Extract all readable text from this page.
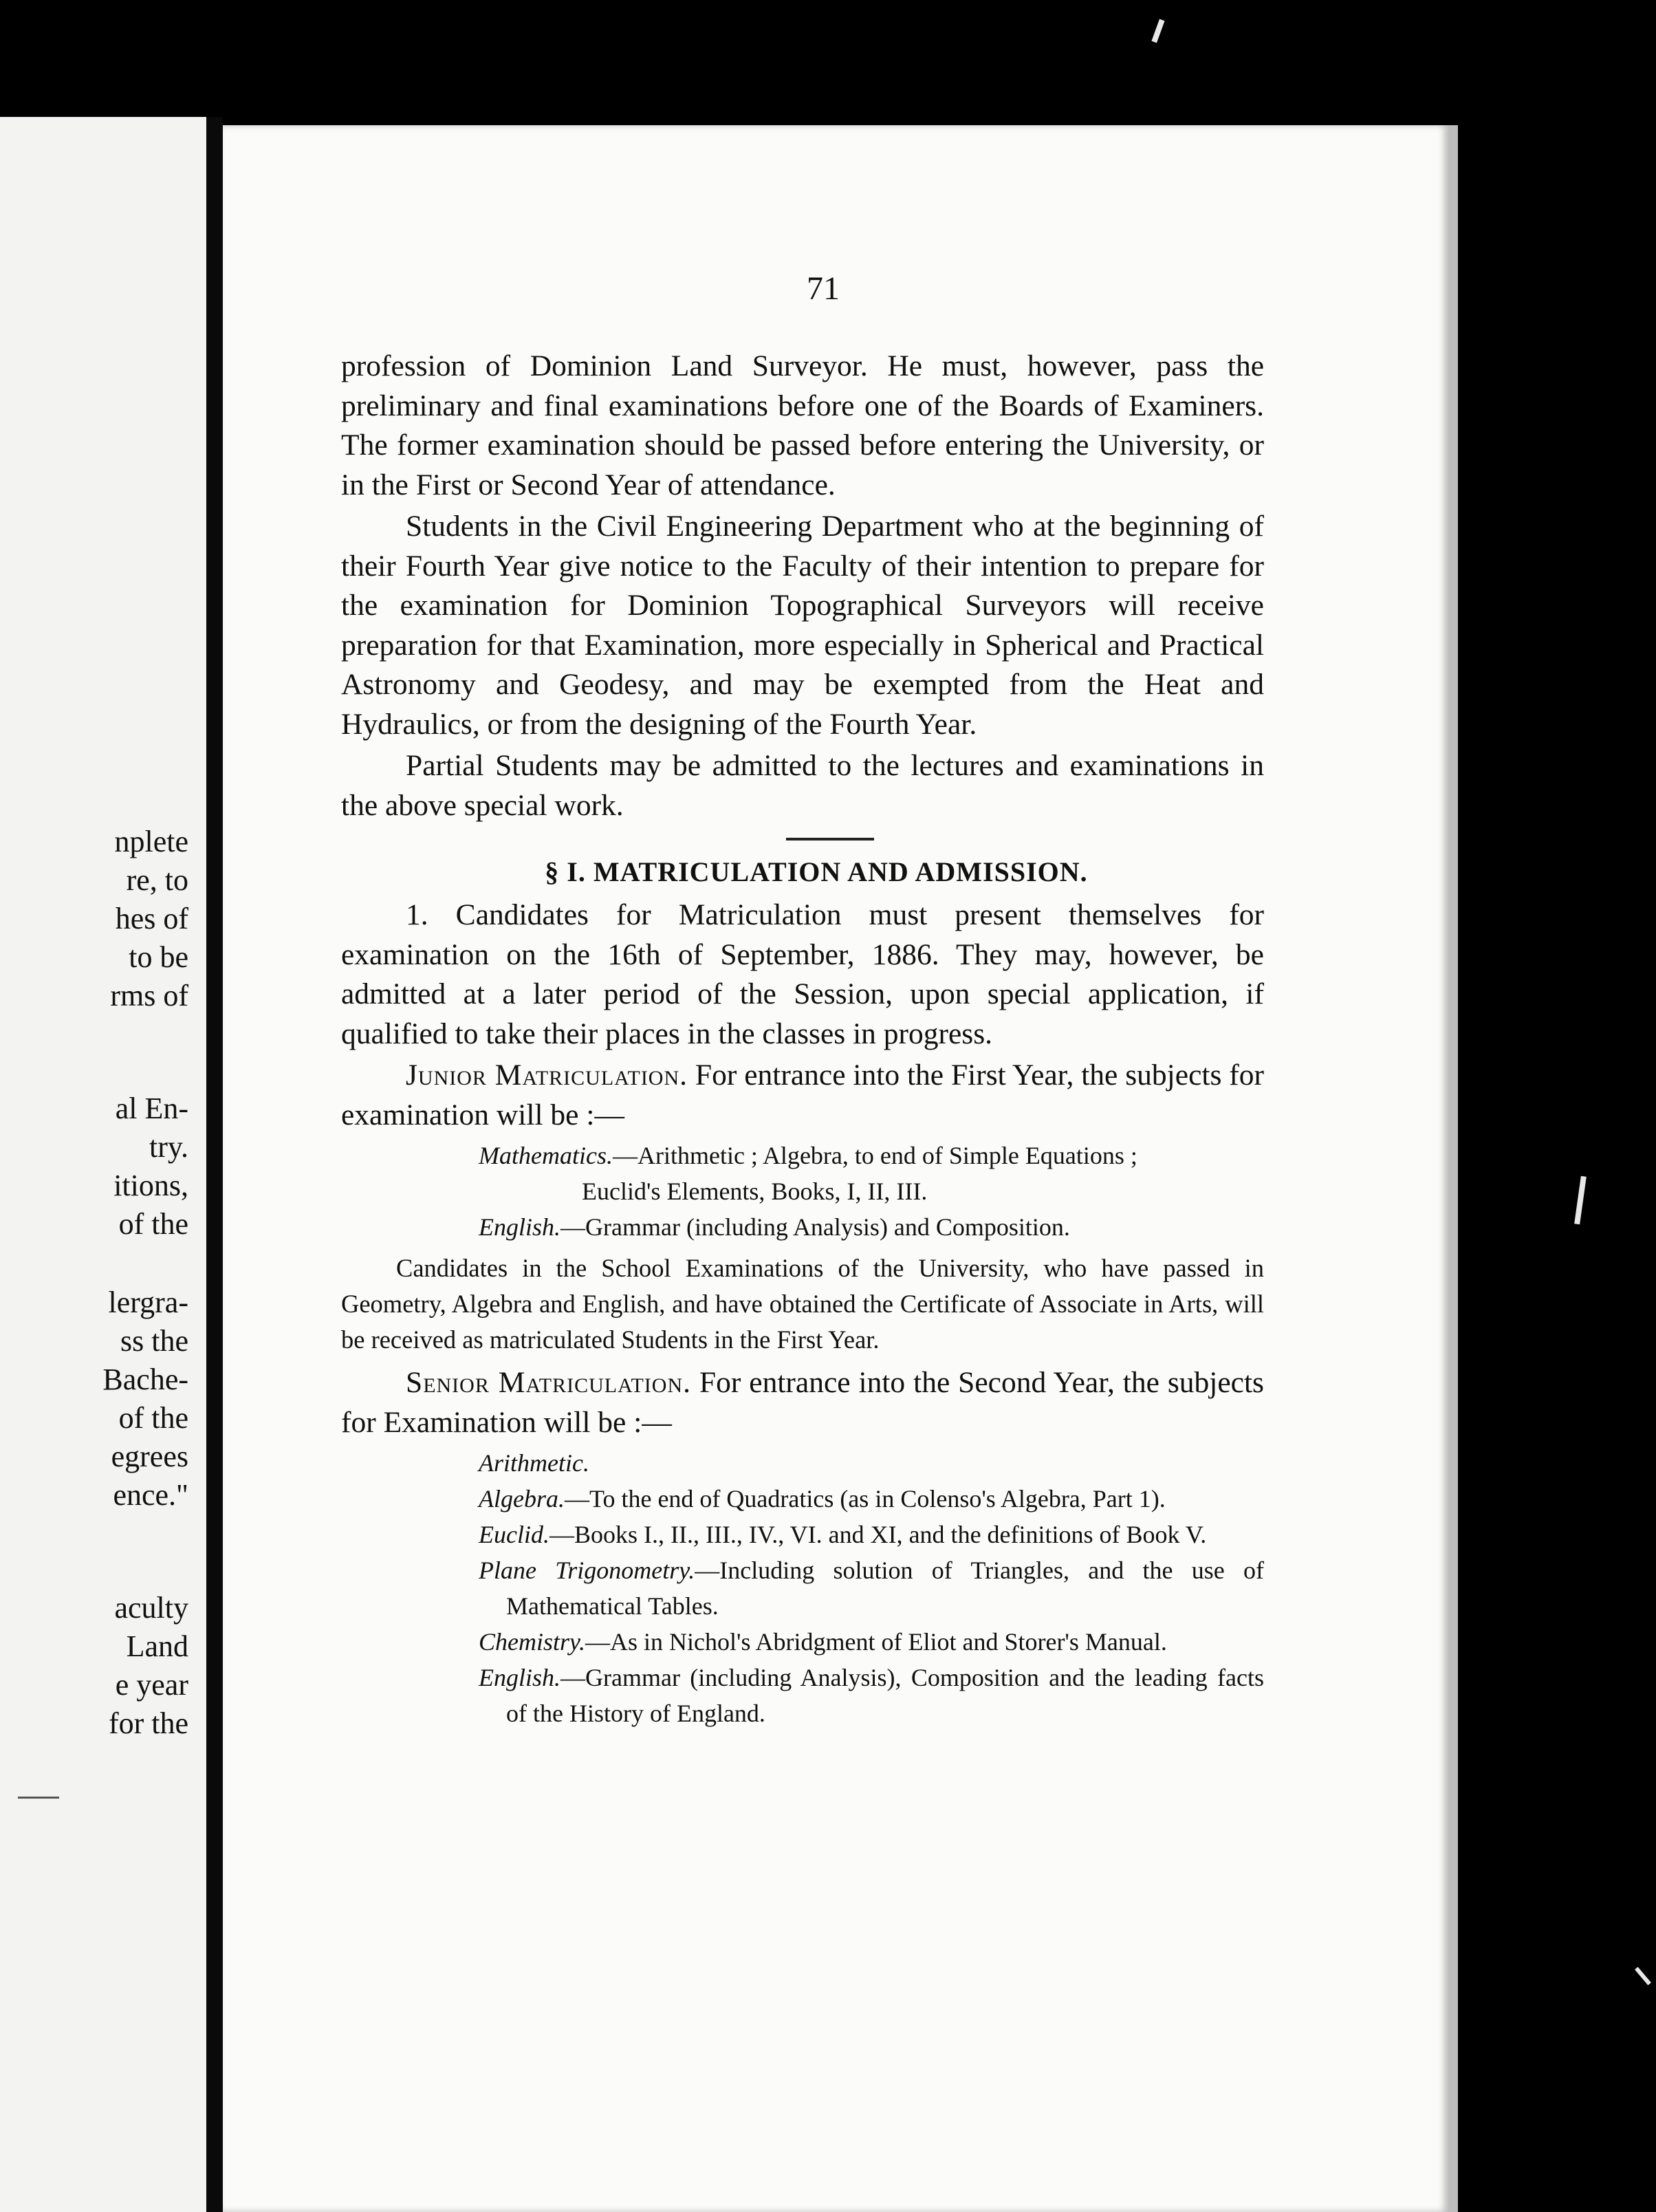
nplete
re, to
hes of
to be
rms of
al En-
try.
itions,
of the
lergra-
ss the
Bache-
of the
egrees
ence."
aculty
Land
e year
for the
71

profession of Dominion Land Surveyor. He must, however, pass the preliminary and final examinations before one of the Boards of Examiners. The former examination should be passed before entering the University, or in the First or Second Year of attendance.

Students in the Civil Engineering Department who at the beginning of their Fourth Year give notice to the Faculty of their intention to prepare for the examination for Dominion Topographical Surveyors will receive preparation for that Examination, more especially in Spherical and Practical Astronomy and Geodesy, and may be exempted from the Heat and Hydraulics, or from the designing of the Fourth Year.

Partial Students may be admitted to the lectures and examinations in the above special work.

§ I. MATRICULATION AND ADMISSION.

1. Candidates for Matriculation must present themselves for examination on the 16th of September, 1886. They may, however, be admitted at a later period of the Session, upon special application, if qualified to take their places in the classes in progress.

Junior Matriculation. For entrance into the First Year, the subjects for examination will be :—

Mathematics.—Arithmetic ; Algebra, to end of Simple Equations ;
Euclid's Elements, Books, I, II, III.
English.—Grammar (including Analysis) and Composition.

Candidates in the School Examinations of the University, who have passed in Geometry, Algebra and English, and have obtained the Certificate of Associate in Arts, will be received as matriculated Students in the First Year.

Senior Matriculation. For entrance into the Second Year, the subjects for Examination will be :—

Arithmetic.
Algebra.—To the end of Quadratics (as in Colenso's Algebra, Part 1).
Euclid.—Books I., II., III., IV., VI. and XI, and the definitions of Book V.
Plane Trigonometry.—Including solution of Triangles, and the use of Mathematical Tables.
Chemistry.—As in Nichol's Abridgment of Eliot and Storer's Manual.
English.—Grammar (including Analysis), Composition and the leading facts of the History of England.
